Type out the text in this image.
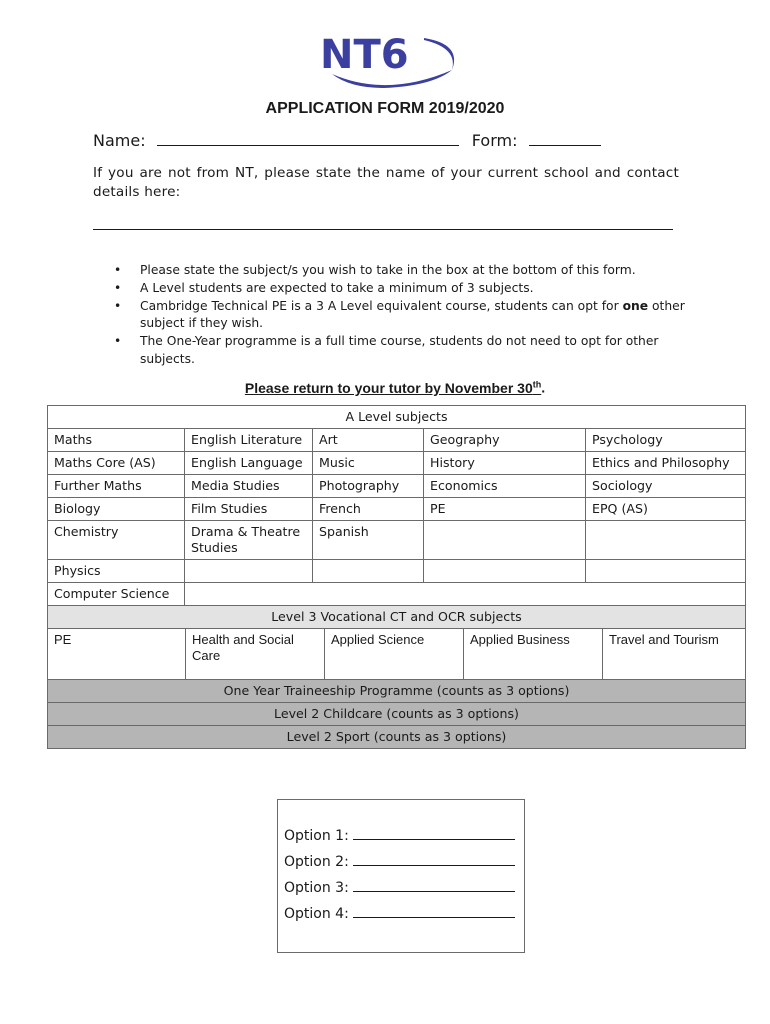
NT6
APPLICATION FORM 2019/2020
Name:	Form:
If you are not from NT, please state the name of your current school and contact details here:
• Please state the subject/s you wish to take in the box at the bottom of this form.
• A Level students are expected to take a minimum of 3 subjects.
• Cambridge Technical PE is a 3 A Level equivalent course, students can opt for one other subject if they wish.
• The One-Year programme is a full time course, students do not need to opt for other subjects.
Please return to your tutor by November 30th.
A Level subjects
Maths	English Literature	Art	Geography	Psychology
Maths Core (AS)	English Language	Music	History	Ethics and Philosophy
Further Maths	Media Studies	Photography	Economics	Sociology
Biology	Film Studies	French	PE	EPQ (AS)
Chemistry	Drama & Theatre Studies	Spanish		
Physics				
Computer Science	
Level 3 Vocational CT and OCR subjects

PE	Health and Social Care	Applied Science	Applied Business	Travel and Tourism

One Year Traineeship Programme (counts as 3 options)
Level 2 Childcare (counts as 3 options)
Level 2 Sport (counts as 3 options)
Option 1:
Option 2:
Option 3:
Option 4:
